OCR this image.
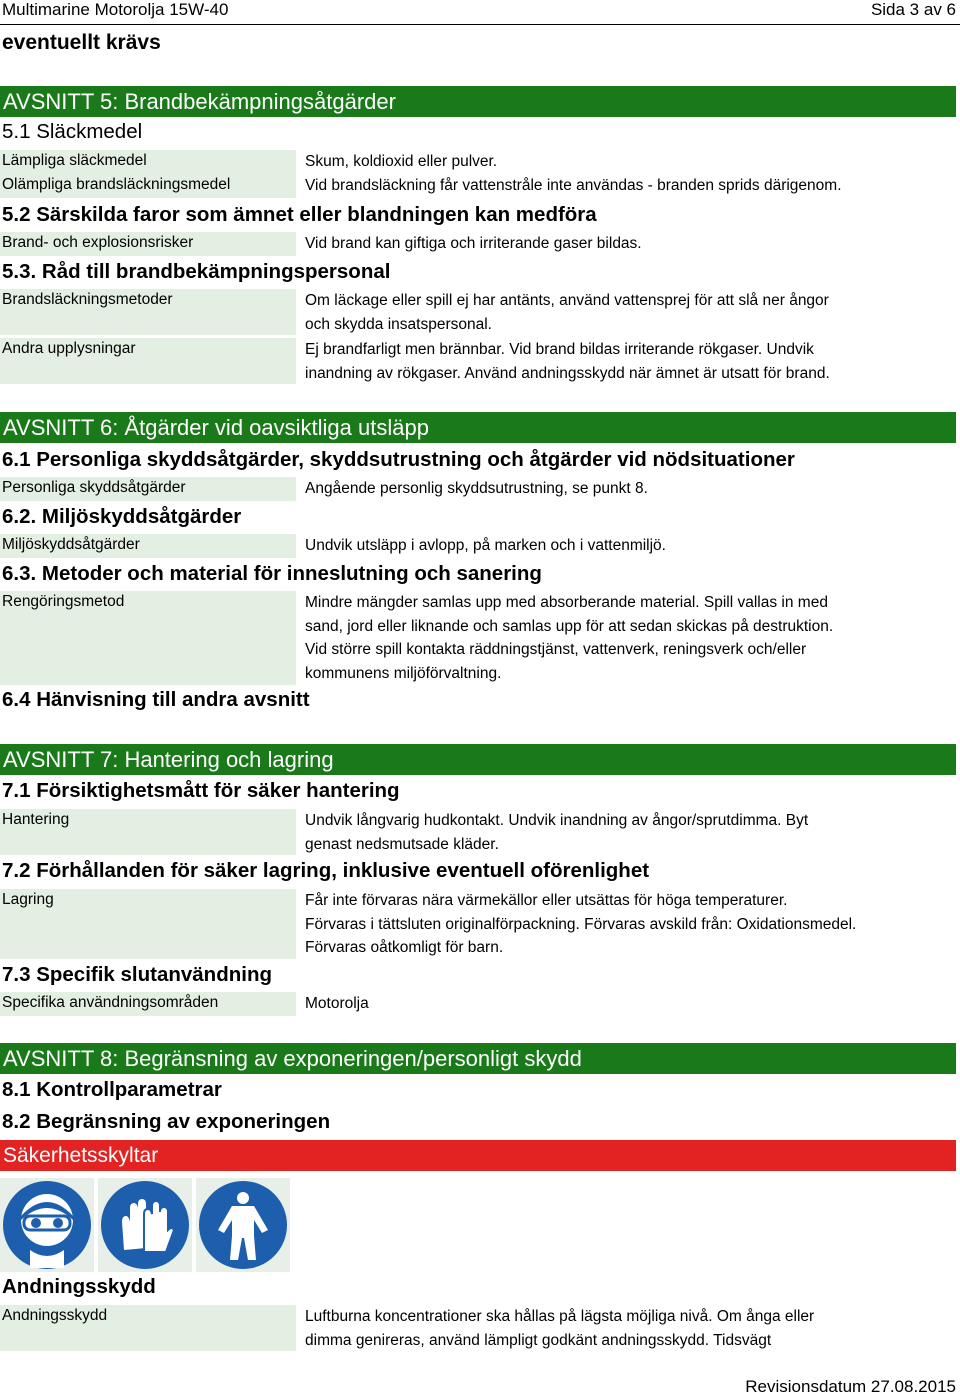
Multimarine Motorolja 15W-40	Sida 3 av 6
eventuellt krävs
AVSNITT 5: Brandbekämpningsåtgärder
5.1 Släckmedel
Lämpliga släckmedel	Skum, koldioxid eller pulver.
Olämpliga brandsläckningsmedel	Vid brandsläckning får vattenstråle inte användas - branden sprids därigenom.
5.2 Särskilda faror som ämnet eller blandningen kan medföra
Brand- och explosionsrisker	Vid brand kan giftiga och irriterande gaser bildas.
5.3. Råd till brandbekämpningspersonal
Brandsläckningsmetoder	Om läckage eller spill ej har antänts, använd vattensprej för att slå ner ångor
och skydda insatspersonal.
Andra upplysningar	Ej brandfarligt men brännbar. Vid brand bildas irriterande rökgaser. Undvik
inandning av rökgaser. Använd andningsskydd när ämnet är utsatt för brand.
AVSNITT 6: Åtgärder vid oavsiktliga utsläpp
6.1 Personliga skyddsåtgärder, skyddsutrustning och åtgärder vid nödsituationer
Personliga skyddsåtgärder	Angående personlig skyddsutrustning, se punkt 8.
6.2. Miljöskyddsåtgärder
Miljöskyddsåtgärder	Undvik utsläpp i avlopp, på marken och i vattenmiljö.
6.3. Metoder och material för inneslutning och sanering
Rengöringsmetod	Mindre mängder samlas upp med absorberande material. Spill vallas in med
sand, jord eller liknande och samlas upp för att sedan skickas på destruktion.
Vid större spill kontakta räddningstjänst, vattenverk, reningsverk och/eller
kommunens miljöförvaltning.
6.4 Hänvisning till andra avsnitt
AVSNITT 7: Hantering och lagring
7.1 Försiktighetsmått för säker hantering
Hantering	Undvik långvarig hudkontakt. Undvik inandning av ångor/sprutdimma. Byt
genast nedsmutsade kläder.
7.2 Förhållanden för säker lagring, inklusive eventuell oförenlighet
Lagring	Får inte förvaras nära värmekällor eller utsättas för höga temperaturer.
Förvaras i tättsluten originalförpackning. Förvaras avskild från: Oxidationsmedel.
Förvaras oåtkomligt för barn.
7.3 Specifik slutanvändning
Specifika användningsområden	Motorolja
AVSNITT 8: Begränsning av exponeringen/personligt skydd
8.1 Kontrollparametrar
8.2 Begränsning av exponeringen
Säkerhetsskyltar
Andningsskydd
Andningsskydd	Luftburna koncentrationer ska hållas på lägsta möjliga nivå. Om ånga eller
dimma genireras, använd lämpligt godkänt andningsskydd. Tidsvägt
Revisionsdatum 27.08.2015
